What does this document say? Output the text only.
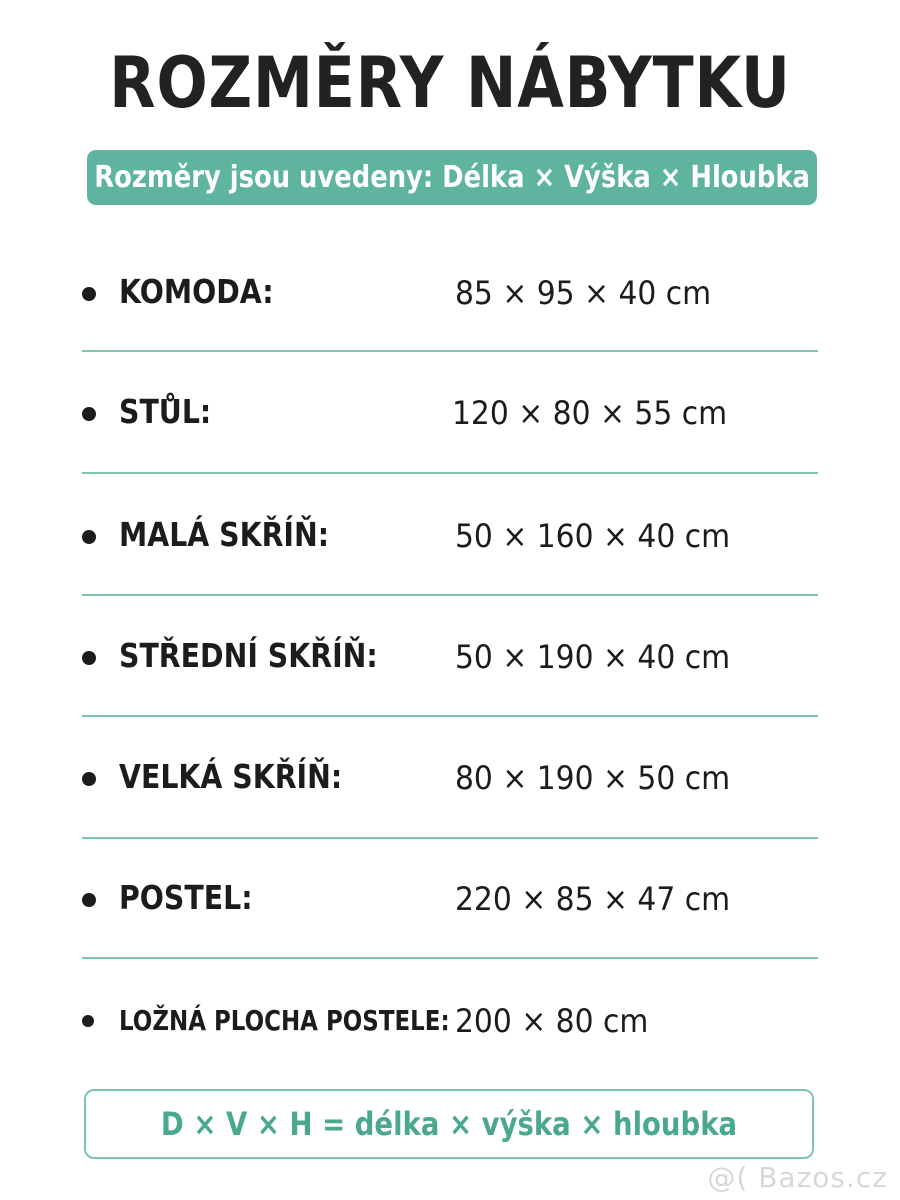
ROZMĚRY NÁBYTKU
Rozměry jsou uvedeny: Délka × Výška × Hloubka
KOMODA:	85 × 95 × 40 cm
STŮL:	120 × 80 × 55 cm
MALÁ SKŘÍŇ:	50 × 160 × 40 cm
STŘEDNÍ SKŘÍŇ: 50 × 190 × 40 cm
VELKÁ SKŘÍŇ:	80 × 190 × 50 cm
POSTEL:	220 × 85 × 47 cm
LOŽNÁ PLOCHA POSTELE: 200 × 80 cm
D × V × H = délka × výška × hloubka
@( Bazos.cz
